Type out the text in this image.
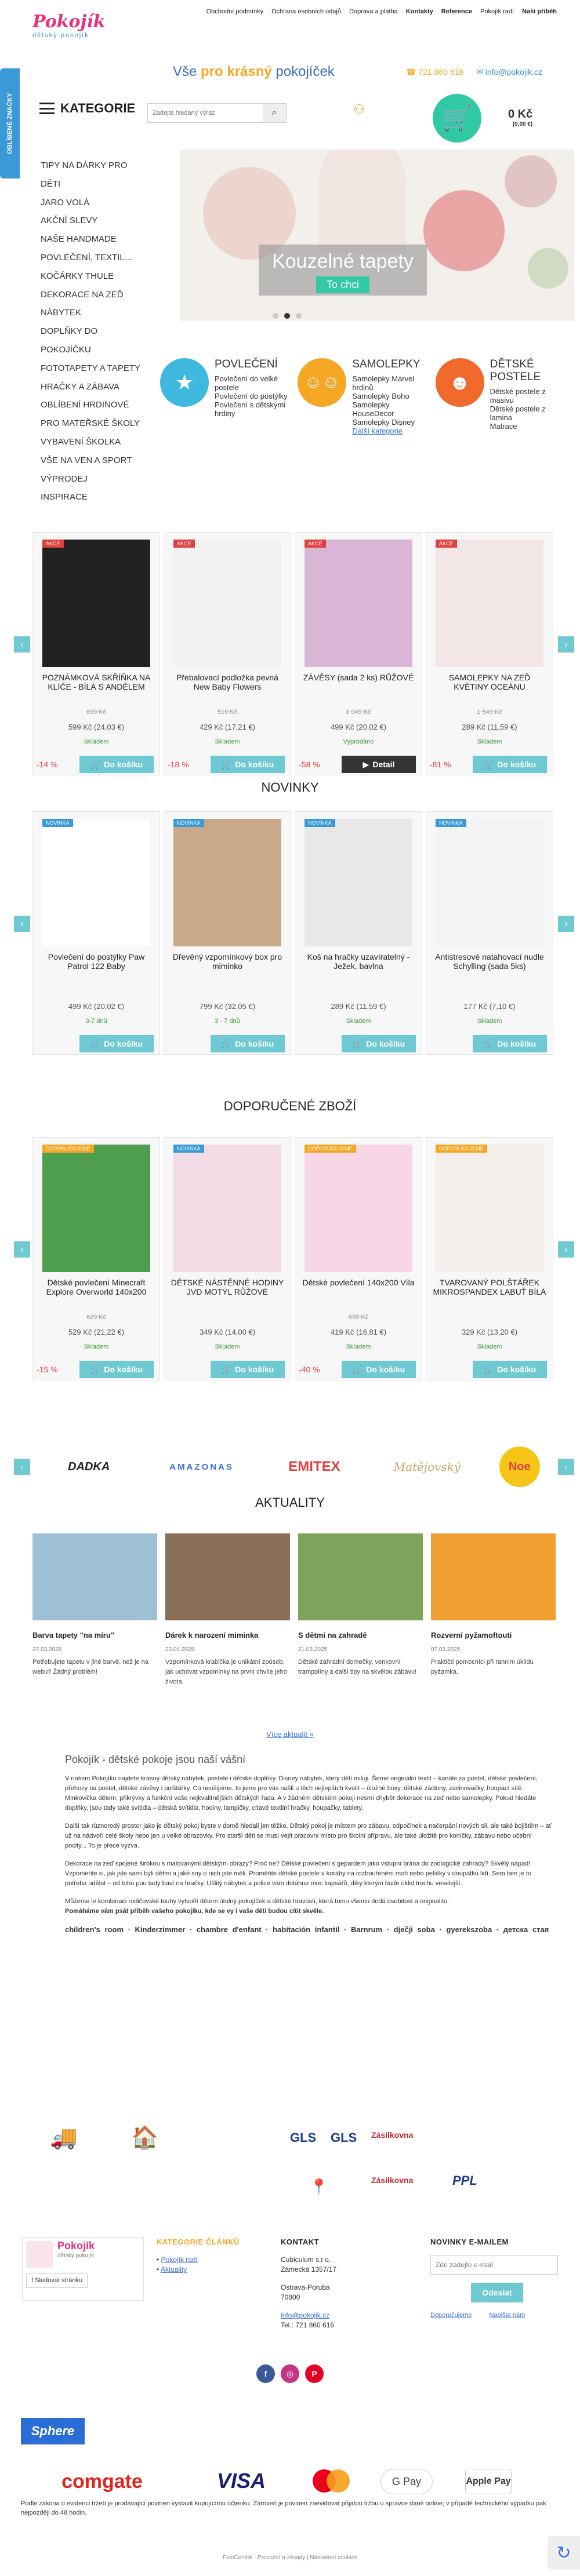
Obchodní podmínky Ochrana osobních údajů Doprava a platba Kontakty Reference Pokojík radí Naší příběh
Pokojík
dětský pokojík
Vše pro krásný pokojíček	☎ 721 860 616 ✉ info@pokojik.cz
OBLÍBENÉ ZNAČKY	KATEGORIE
Zadejte hledaný výraz	⌕	⚇	🛒	0 Kč
(0,00 €)
TIPY NA DÁRKY PRO
DĚTI
JARO VOLÁ
AKČNÍ SLEVY
NAŠE HANDMADE
POVLEČENÍ, TEXTIL...
KOČÁRKY THULE
DEKORACE NA ZEĎ
NÁBYTEK
DOPLŇKY DO
POKOJÍČKU
FOTOTAPETY A TAPETY
HRAČKY A ZÁBAVA
OBLÍBENÍ HRDINOVÉ
PRO MATEŘSKÉ ŠKOLY
VYBAVENÍ ŠKOLKA
VŠE NA VEN A SPORT
VÝPRODEJ
INSPIRACE
Kouzelné tapety
To chci
★
POVLEČENÍ
Povlečení do velké postele
Povlečení do postýlky
Povlečení s dětskými hrdiny
☺☺
SAMOLEPKY
Samolepky Marvel hrdinů
Samolepky Boho
Samolepky HouseDecor
Samolepky Disney
Další kategorie
☻
DĚTSKÉ POSTELE
Dětské postele z masivu
Dětské postele z lamina
Matrace
‹	›
AKCE
POZNÁMKOVÁ SKŘÍŇKA NA KLÍČE - BÍLÁ S ANDĚLEM
699 Kč
599 Kč (24,03 €)
Skladem
-14 %	🛒 Do košíku
AKCE
Přebalovací podložka pevná New Baby Flowers
519 Kč
429 Kč (17,21 €)
Skladem
-18 %	🛒 Do košíku
AKCE
ZÁVĚSY (sada 2 ks) RŮŽOVÉ
1 049 Kč
499 Kč (20,02 €)
Vyprodáno
-58 %	▶ Detail
AKCE
SAMOLEPKY NA ZEĎ KVĚTINY OCEÁNU
1 549 Kč
289 Kč (11,59 €)
Skladem
-81 %	🛒 Do košíku
NOVINKY
‹	›
NOVINKA
Povlečení do postýlky Paw Patrol 122 Baby
499 Kč (20,02 €)
3-7 dnů
🛒 Do košíku
NOVINKA
Dřevěný vzpomínkový box pro miminko
799 Kč (32,05 €)
3 - 7 dnů
🛒 Do košíku
NOVINKA
Koš na hračky uzavíratelný - Ježek, bavlna
289 Kč (11,59 €)
Skladem
🛒 Do košíku
NOVINKA
Antistresové natahovací nudle Schylling (sada 5ks)
177 Kč (7,10 €)
Skladem
🛒 Do košíku
DOPORUČENÉ ZBOŽÍ
‹	›
DOPORUČUJEME
Dětské povlečení Minecraft Explore Overworld 140x200
629 Kč
529 Kč (21,22 €)
Skladem
-15 %	🛒 Do košíku
NOVINKA
DĚTSKÉ NÁSTĚNNÉ HODINY JVD MOTÝL RŮŽOVÉ
349 Kč (14,00 €)
Skladem
🛒 Do košíku
DOPORUČUJEME
Dětské povlečení 140x200 Víla
699 Kč
419 Kč (16,81 €)
Skladem
-40 %	🛒 Do košíku
DOPORUČUJEME
TVAROVANÝ POLŠTÁŘEK MIKROSPANDEX LABUŤ BÍLÁ
329 Kč (13,20 €)
Skladem
🛒 Do košíku
‹	DADKA	AMAZONAS	EMITEX	Matějovský	Noe	›
AKTUALITY
Barva tapety "na míru"
27.03.2025

Potřebujete tapetu v jiné barvě, než je na webu? Žádný problém!

Dárek k narození miminka
23.04.2025

Vzpomínková krabička je unikátní způsob, jak uchovat vzpomínky na první chvíle jeho života.

S dětmi na zahradě
21.03.2025

Dětské zahradní domečky, venkovní trampolíny a další tipy na skvělou zábavu!

Rozverní pyžamoftouti
07.03.2025

Praktičtí pomocníci při rannim úklidu pyžamka.

Více aktualit »
Pokojík - dětské pokoje jsou naší vášní

V našem Pokojíku najdete krásný dětský nábytek, postele i dětské doplňky. Disney nábytek, který dětí miluji. Šeme originální textil – kanále za postel, dětské povlečení, přehozy na postel, dětské závěsy i polštářky. Co neušijeme, to jsme pro vás našli u těch nejlepších kvalit – úložné boxy, dětské záclony, zavinovačky, houpací sítě. Minkovička dětem, přikrývky a funkční vaše nejkvalitnějších dětských řada. A v žádném dětském pokoji nesmí chybět dekorace na zeď nebo samolepky. Pokud hledáte doplňky, jsou tady také svítidla – dětská svítidla, hodiny, lampičky, cítavé textilní hračky, houpačky, tablety.

Další tak různorodý prostor jako je dětský pokoj byste v domě hledali jen těžko. Dětský pokoj je místem pro zábavu, odpočinek a načerpání nových sil, ale také bojištěm – ať už na nádvoří celé školy nebo jen u velké obrazovky. Pro starší děti se musí vejít pracovní místo pro školní přípravu, ale také úložitě pro koníčky, zábavu nebo učební pocity... To je přece výzva.

Dekorace na zeď spojené širokou s malovanými dětskými obrazy? Proč ne? Dětské povlečení s gepardem jako vstupní brána do zoologické zahrady? Skvělý nápad! Vzpomeňte si, jak jste sami byli dětmi a jaké sny o nich jste měli. Proměňte dětské postele v koráby na rozbouřeném moři nebo pelíšky v doupátku lidí. Sem tam je to potřeba udělat – od toho pou tady baví na hračky. Ušlitý nábytek a police vám dotáhne moc kapsářů, díky kterým bude úklid trochu veselejší.

Můžeme le kombinaci rodičovské touhy vytvořit dětem útulný pokojíček a dětské hravosti, která tomu všemu dodá osobitost a originalitu.

Pomáháme vám psát příběh vašeho pokojíku, kde se vy i vaše děti budou cítit skvěle.

children's room · Kinderzimmer · chambre d'enfant · habitación infantil · Barnrum · dječji soba · gyerekszoba · детска стая
🚚 🏠	GLS GLS Zásilkovna
📍	Zásilkovna	PPL
Pokojík
dětský pokojík
f Sledovat stránku
KATEGORIE ČLÁNKŮ
• Pokojík radí
• Aktuality
KONTAKT
Cubiculum s.r.o.
Zámecká 1357/17
Ostrava-Poruba
70800
info@pokojik.cz
Tel.: 721 860 616
NOVINKY E-MAILEM
Zde zadejte e-mail
Odeslat
Doporučujeme	Napište nám
f	◎	P
Sphere
comgate	VISA	G Pay	Apple Pay
Podle zákona o evidenci tržeb je prodávající povinen vystavit kupujícímu účtenku. Zároveň je povinen zaevidovat přijatou tržbu u správce daně online; v případě technického výpadku pak nejpozději do 48 hodin.
FastCentrik · Provozní a zásady | Nastavení cookies	↻
